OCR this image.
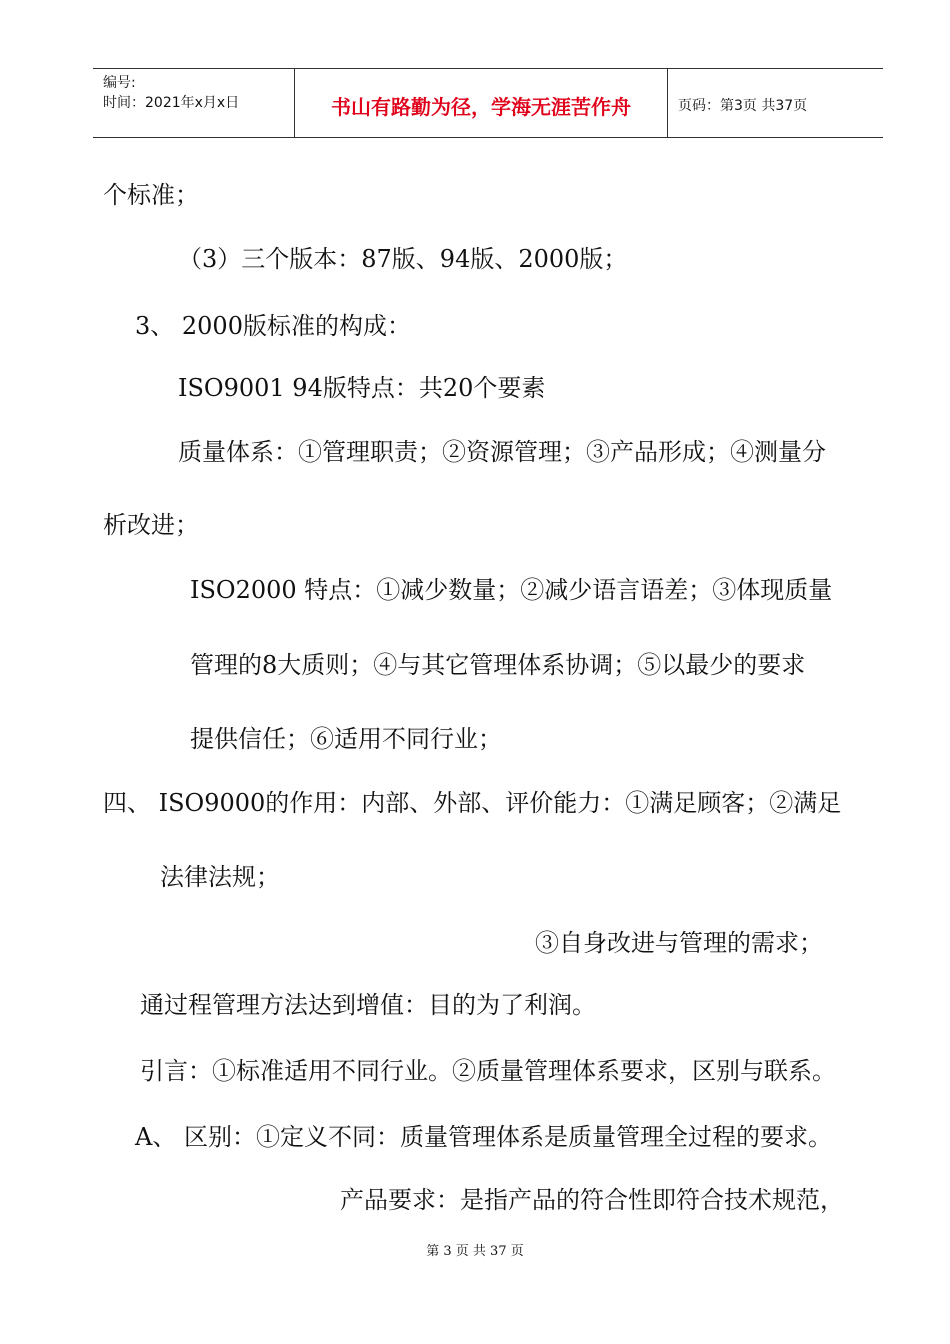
编号:
时间：2021年x月x日	书山有路勤为径，学海无涯苦作舟	页码：第3页 共37页
个标准；
（3）三个版本：87版、94版、2000版；
3、 2000版标准的构成：
ISO9001 94版特点：共20个要素
质量体系：①管理职责；②资源管理；③产品形成；④测量分
析改进；
ISO2000 特点：①减少数量；②减少语言语差；③体现质量
管理的8大质则；④与其它管理体系协调；⑤以最少的要求
提供信任；⑥适用不同行业；
四、 ISO9000的作用：内部、外部、评价能力：①满足顾客；②满足
法律法规；
③自身改进与管理的需求；
通过程管理方法达到增值：目的为了利润。
引言：①标准适用不同行业。②质量管理体系要求，区别与联系。
A、 区别：①定义不同：质量管理体系是质量管理全过程的要求。
产品要求：是指产品的符合性即符合技术规范，
第 3 页 共 37 页
